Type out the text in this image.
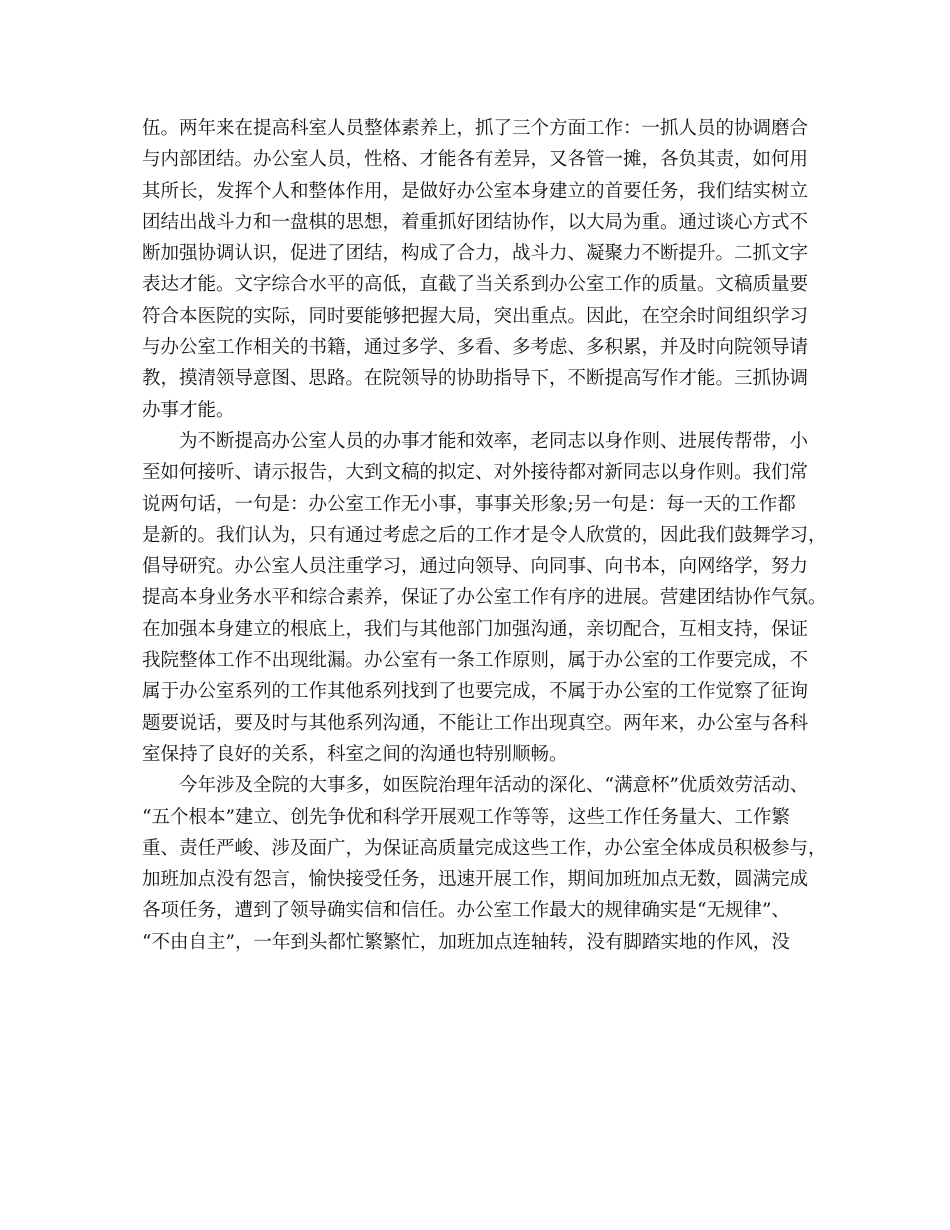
伍。两年来在提高科室人员整体素养上，抓了三个方面工作：一抓人员的协调磨合
与内部团结。办公室人员，性格、才能各有差异，又各管一摊，各负其责，如何用
其所长，发挥个人和整体作用，是做好办公室本身建立的首要任务，我们结实树立
团结出战斗力和一盘棋的思想，着重抓好团结协作，以大局为重。通过谈心方式不
断加强协调认识，促进了团结，构成了合力，战斗力、凝聚力不断提升。二抓文字
表达才能。文字综合水平的高低，直截了当关系到办公室工作的质量。文稿质量要
符合本医院的实际，同时要能够把握大局，突出重点。因此，在空余时间组织学习
与办公室工作相关的书籍，通过多学、多看、多考虑、多积累，并及时向院领导请
教，摸清领导意图、思路。在院领导的协助指导下，不断提高写作才能。三抓协调
办事才能。
为不断提高办公室人员的办事才能和效率，老同志以身作则、进展传帮带，小
至如何接听、请示报告，大到文稿的拟定、对外接待都对新同志以身作则。我们常
说两句话，一句是：办公室工作无小事，事事关形象;另一句是：每一天的工作都
是新的。我们认为，只有通过考虑之后的工作才是令人欣赏的，因此我们鼓舞学习，
倡导研究。办公室人员注重学习，通过向领导、向同事、向书本，向网络学，努力
提高本身业务水平和综合素养，保证了办公室工作有序的进展。营建团结协作气氛。
在加强本身建立的根底上，我们与其他部门加强沟通，亲切配合，互相支持，保证
我院整体工作不出现纰漏。办公室有一条工作原则，属于办公室的工作要完成，不
属于办公室系列的工作其他系列找到了也要完成，不属于办公室的工作觉察了征询
题要说话，要及时与其他系列沟通，不能让工作出现真空。两年来，办公室与各科
室保持了良好的关系，科室之间的沟通也特别顺畅。
今年涉及全院的大事多，如医院治理年活动的深化、“满意杯”优质效劳活动、
“五个根本”建立、创先争优和科学开展观工作等等，这些工作任务量大、工作繁
重、责任严峻、涉及面广，为保证高质量完成这些工作，办公室全体成员积极参与，
加班加点没有怨言，愉快接受任务，迅速开展工作，期间加班加点无数，圆满完成
各项任务，遭到了领导确实信和信任。办公室工作最大的规律确实是“无规律”、
“不由自主”，一年到头都忙繁繁忙，加班加点连轴转，没有脚踏实地的作风，没
